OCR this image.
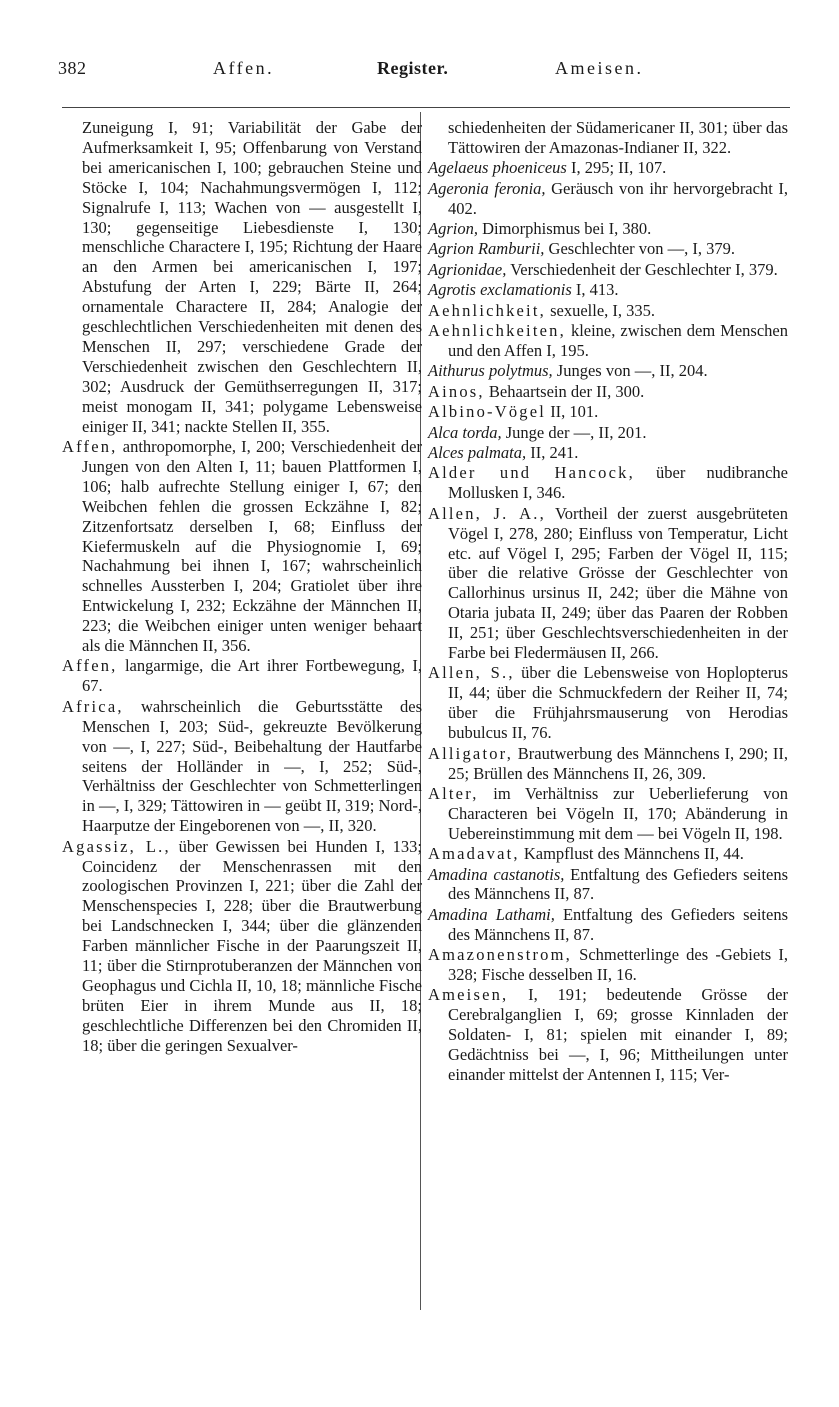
382	Affen.	Register.	Ameisen.

Zuneigung I, 91; Variabilität der Gabe der Aufmerksamkeit I, 95; Offenbarung von Verstand bei americanischen I, 100; gebrauchen Steine und Stöcke I, 104; Nachahmungsvermögen I, 112; Signalrufe I, 113; Wachen von — ausgestellt I, 130; gegenseitige Liebesdienste I, 130; menschliche Charactere I, 195; Richtung der Haare an den Armen bei americanischen I, 197; Abstufung der Arten I, 229; Bärte II, 264; ornamentale Charactere II, 284; Analogie der geschlechtlichen Verschiedenheiten mit denen des Menschen II, 297; verschiedene Grade der Verschiedenheit zwischen den Geschlechtern II, 302; Ausdruck der Gemüthserregungen II, 317; meist monogam II, 341; polygame Lebensweise einiger II, 341; nackte Stellen II, 355.

Affen, anthropomorphe, I, 200; Verschiedenheit der Jungen von den Alten I, 11; bauen Plattformen I, 106; halb aufrechte Stellung einiger I, 67; den Weibchen fehlen die grossen Eckzähne I, 82; Zitzenfortsatz derselben I, 68; Einfluss der Kiefermuskeln auf die Physiognomie I, 69; Nachahmung bei ihnen I, 167; wahrscheinlich schnelles Aussterben I, 204; Gratiolet über ihre Entwickelung I, 232; Eckzähne der Männchen II, 223; die Weibchen einiger unten weniger behaart als die Männchen II, 356.

Affen, langarmige, die Art ihrer Fortbewegung, I, 67.

Africa, wahrscheinlich die Geburtsstätte des Menschen I, 203; Süd-, gekreuzte Bevölkerung von —, I, 227; Süd-, Beibehaltung der Hautfarbe seitens der Holländer in —, I, 252; Süd-, Verhältniss der Geschlechter von Schmetterlingen in —, I, 329; Tättowiren in — geübt II, 319; Nord-, Haarputze der Eingeborenen von —, II, 320.

Agassiz, L., über Gewissen bei Hunden I, 133; Coincidenz der Menschenrassen mit den zoologischen Provinzen I, 221; über die Zahl der Menschenspecies I, 228; über die Brautwerbung bei Landschnecken I, 344; über die glänzenden Farben männlicher Fische in der Paarungszeit II, 11; über die Stirnprotuberanzen der Männchen von Geophagus und Cichla II, 10, 18; männliche Fische brüten Eier in ihrem Munde aus II, 18; geschlechtliche Differenzen bei den Chromiden II, 18; über die geringen Sexualver-

schiedenheiten der Südamericaner II, 301; über das Tättowiren der Amazonas-Indianer II, 322.

Agelaeus phoeniceus I, 295; II, 107.

Ageronia feronia, Geräusch von ihr hervorgebracht I, 402.

Agrion, Dimorphismus bei I, 380.

Agrion Ramburii, Geschlechter von —, I, 379.

Agrionidae, Verschiedenheit der Geschlechter I, 379.

Agrotis exclamationis I, 413.

Aehnlichkeit, sexuelle, I, 335.

Aehnlichkeiten, kleine, zwischen dem Menschen und den Affen I, 195.

Aithurus polytmus, Junges von —, II, 204.

Ainos, Behaartsein der II, 300.

Albino-Vögel II, 101.

Alca torda, Junge der —, II, 201.

Alces palmata, II, 241.

Alder und Hancock, über nudibranche Mollusken I, 346.

Allen, J. A., Vortheil der zuerst ausgebrüteten Vögel I, 278, 280; Einfluss von Temperatur, Licht etc. auf Vögel I, 295; Farben der Vögel II, 115; über die relative Grösse der Geschlechter von Callorhinus ursinus II, 242; über die Mähne von Otaria jubata II, 249; über das Paaren der Robben II, 251; über Geschlechtsverschiedenheiten in der Farbe bei Fledermäusen II, 266.

Allen, S., über die Lebensweise von Hoplopterus II, 44; über die Schmuckfedern der Reiher II, 74; über die Frühjahrsmauserung von Herodias bubulcus II, 76.

Alligator, Brautwerbung des Männchens I, 290; II, 25; Brüllen des Männchens II, 26, 309.

Alter, im Verhältniss zur Ueberlieferung von Characteren bei Vögeln II, 170; Abänderung in Uebereinstimmung mit dem — bei Vögeln II, 198.

Amadavat, Kampflust des Männchens II, 44.

Amadina castanotis, Entfaltung des Gefieders seitens des Männchens II, 87.

Amadina Lathami, Entfaltung des Gefieders seitens des Männchens II, 87.

Amazonenstrom, Schmetterlinge des -Gebiets I, 328; Fische desselben II, 16.

Ameisen, I, 191; bedeutende Grösse der Cerebralganglien I, 69; grosse Kinnladen der Soldaten- I, 81; spielen mit einander I, 89; Gedächtniss bei —, I, 96; Mittheilungen unter einander mittelst der Antennen I, 115; Ver-
